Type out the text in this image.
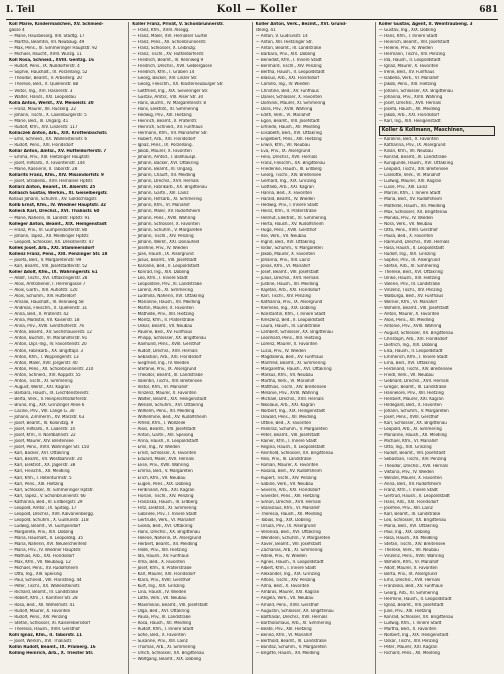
I. Teil	Koll — Koller	681
Koll Marie, Kindermädchen, XV. Schmied-
gasse 4
— Marie, Hausbesorg. XIII. Stadtg. 17
— Martha, Beamtin, VII. Neubaug. 49
— Max, Pens., XI. Simmeringer Hauptstr. 92
— Michael, Rauchf., XVIII. Wurzg. 11
Koll Rosa, Schneid., XVIII. Gentzg. 16
— Rudolf, Pens., IX. Nußdorferstr. 4
— Sophie, Haushalt., IX. Porzellang. 52
— Theodor, Beamt., V. Arbeiterg. 20
— Therese, Bed., X. Quellenstr. 88
— Viktor, Ing., XVI. Hasnerstr. 3
— Walter, Handl., XXI. Leopoldau
Kolla Anton, Werkf., XV. Meiselstr. 30
— Franz, Maurer, XII. Ruckerg. 22
— Johann, Tischl., X. Laxenburgerstr. 5
— Marie, Bed., III. Ungarg. 41
— Rudolf, Kfm., XIV. Linzerstr. 117
Kollaczek Anton, Arb., XIX. Krottenbachstr.
— Emil, Schneid., XX. Wallensteinstr. 6
— Rudolf, Pens., XXI. Floridsdorf
Kollar Anton, Amtsr., XV. Hütteldorferstr. 7
— Emma, Priv., XIII. Hietzinger Hauptstr.
— Josef, Hilfsarb., X. Favoritenstr. 144
— Marie, Kassierin, II. Taborstr. 28
Kollarits Franz, Kfm., XIV. Missindorfstr. 9
— Josef, Straßenb., XVII. Hernalser Hptstr.
Kollarz Anton, Beamt., IX. Alserstr. 25
Kollasch Gustav, Werkm., XI. Geiselbergstr.
Kollaus Johann, Schuhm., XV. Goldschlagstr.
Kollb Ernst, Kfm., IV. Wiedner Hauptstr. 32
Kolleck Karl, Drechsl., XVI. Thaliastr. 60
— Marie, Näherin, III. Landstr. Hptstr. 91
Kolleger Anton, Beamt., XIX. Heiligenstadt
— Franz, Priv., VI. Gumpendorferstr. 80
— Johann, Tapez., XII. Meidlinger Hptstr.
— Leopold, Schlosser, XX. Dresdnerstr. 47
Kollek Josef, Arb., XXI. Stammersdorf
Kollenz Franz, Pens., XIII. Penzinger Str. 18
— Josefa, Bed., V. Margaretenstr. 99
— Karl, Beamt., VIII. Josefstädterstr. 52
Koller Adolf, Kfm., IX. Währingerstr. 61
— Adolf, Tischl., XVI. Ottakringerstr. 28
— Alois, Amtsdiener, I. Herrengasse 7
— Alois, Gärtn., XIII. Auhofstr. 120
— Alois, Schuhm., XIV. Hütteldorf
— Amalie, Haushalt., III. Rennweg 58
— Andreas, Fleischh., X. Quellenstr. 31
— Anna, Bed., II. Praterstr. 42
— Anna, Modistin, VII. Kaiserstr. 18
— Anna, Priv., XVIII. Gersthoferstr. 76
— Anton, Beamt., XV. Sechshauserstr. 12
— Anton, Buchdr., VI. Mariahilferstr. 91
— Anton, Dipl.-Ing., IV. Favoritenstr. 20
— Anton, Fabrikarb., XX. Brigittapl. 3
— Anton, Kfm., I. Wipplingerstr. 13
— Anton, Maler, XVII. Jörgerstr. 40
— Anton, Pens., XII. Schönbrunnerstr. 210
— Anton, Schneid., XVI. Koppstr. 55
— Anton, Tischl., XI. Simmering
— August, Werkf., XXI. Kagran
— Barbara, Haush., IX. Liechtensteinstr.
— Berta, Verk., V. Reinprechtsdorferstr.
— Bruno, Ing., XIX. Grinzinger Allee 6
— Cäcilie, Priv., VIII. Lange G. 30
— Johann, Zimmerm., XV. Märzstr. 63
— Josef, Beamt., III. Kolonitzg. 9
— Josef, Hilfsarb., X. Laaerstr. 14
— Josef, Kfm., II. Nordbahnstr. 22
— Josef, Maurer, XIV. Breitensee
— Josef, Pens., XVIII. Währinger Str. 150
— Karl, Bäcker, XVI. Ottakring
— Karl, Beamt., VII. Westbahnstr. 20
— Karl, Elektrot., XX. Jägerstr. 38
— Karl, Fleischh., XII. Meidling
— Karl, Kfm., I. Rotenturmstr. 5
— Karl, Pens., XIII. Hietzing
— Karl, Schlosser, XI. Simmeringer Hptstr.
— Karl, Tapez., V. Schönbrunnerstr. 66
— Katharina, Bed., III. Erdbergstr. 29
— Leopold, Amtsr., IX. Spitalg. 17
— Leopold, Drechsl., XVII. Kalvarienbergg.
— Leopold, Schuhm., X. Gudrunstr. 118
— Ludwig, Beamt., VI. Gumpendorf
— Margarete, Priv., XIX. Döbling
— Maria, Haushalt., II. Leopoldsg. 35
— Maria, Näherin, XVI. Neulerchenfeld
— Maria, Priv., IV. Wiedner Hauptstr.
— Mathias, Arb., XXI. Floridsdorf
— Max, Kfm., VII. Neubaug. 12
— Michael, Pens., XV. Rudolfsheim
— Otto, Ing., XIII. Speising
— Paul, Schneid., VIII. Piaristeng. 44
— Peter, Tischl., XX. Wallensteinstr.
— Richard, Beamt., III. Landstraße
— Robert, Kfm., I. Kärntner Str. 28
— Rosa, Bed., XII. Wilhelmstr. 41
— Rudolf, Maurer, X. Favoriten
— Rudolf, Pens., XIV. Penzing
— Stefan, Schlosser, XI. Kaiserebersdorf
— Theresia, Haush., XVIII. Gersthof
Kolli Ignaz, Kfm., II. Taborstr. 11
— Josef, Werkm., XVI. Thaliastr.
Kollin Rudolf, Beamt., IX. Pramerg. 16
Kolling Heinrich, Arb., X. Triester Str.
Koller Franz, Privat, V. Schönbrunnerstr.
— Franz, Kfm., XVIII. Alsegg.
— Franz, Maler, XVI. Hernalser Gürtel
— Franz, Pens., XII. Schönbrunnerstr.
— Franz, Schlosser, X. Leibnizg.
— Franz, Tischl., XV. Hütteldorferstr.
— Friedrich, Beamt., III. Rennweg 9
— Friedrich, Drechsl., XVII. Geblergasse
— Friedrich, Kfm., I. Graben 14
— Georg, Bäcker, XIV. Linzer Str.
— Georg, Fleischh., XX. Klosterneuburger Str.
— Gottfried, Ing., XIX. Sieveringer Str.
— Gustav, Amtsr., VIII. Alser Str. 30
— Hans, Buchh., IV. Margaretenstr. 8
— Hans, Elektrot., XI. Simmering
— Hedwig, Priv., XIII. Hietzing
— Heinrich, Beamt., II. Praterstr.
— Heinrich, Schneid., XV. Fünfhaus
— Hermann, Kfm., VII. Mariahilfer Str.
— Hubert, Arb., XXI. Floridsdorf
— Ignaz, Pens., IX. Porzellang.
— Jakob, Maurer, X. Favoriten
— Johann, Amtsd., I. Ballhauspl.
— Johann, Bäcker, XVI. Ottakring
— Johann, Beamt., III. Ungarg.
— Johann, Chauff., XII. Meidling
— Johann, Drechsl., XVII. Hernals
— Johann, Fabrikarb., XX. Brigittenau
— Johann, Gärtn., XIII. Lainz
— Johann, Hilfsarb., XI. Simmering
— Johann, Kfm., VI. Mariahilf
— Johann, Maler, XV. Rudolfsheim
— Johann, Pens., XVIII. Währing
— Johann, Schlosser, X. Favoriten
— Johann, Schuhm., V. Margareten
— Johann, Tischl., XIV. Penzing
— Johann, Werkf., XXI. Donaufeld
— Josefine, Priv., IV. Wieden
— Julie, Haush., IX. Alsergrund
— Julius, Beamt., VIII. Josefstadt
— Karoline, Bed., II. Leopoldstadt
— Konrad, Ing., XIX. Döbling
— Leo, Kfm., I. Innere Stadt
— Leopoldine, Priv., III. Landstraße
— Lorenz, Arb., XI. Simmering
— Ludmilla, Näherin, XVI. Ottakring
— Marianne, Haush., XII. Meidling
— Martin, Maurer, X. Favoriten
— Mathilde, Priv., XIII. Hietzing
— Moritz, Kfm., II. Praterstraße
— Oskar, Beamt., VII. Neubau
— Pauline, Bed., XV. Fünfhaus
— Philipp, Schlosser, XX. Brigittenau
— Raimund, Pens., XVIII. Gersthof
— Rudolf, Drechsl., XVII. Hernals
— Sebastian, Arb., XXI. Floridsdorf
— Siegfried, Ing., IV. Wieden
— Stefanie, Priv., IX. Alsergrund
— Theodor, Beamt., III. Landstraße
— Valentin, Tischl., XIV. Breitensee
— Viktor, Kfm., VI. Mariahilf
— Vinzenz, Maurer, X. Favoriten
— Walter, Beamt., XIX. Heiligenstadt
— Wenzel, Schuhm., XVI. Ottakring
— Wilhelm, Pens., XII. Meidling
— Wilhelmine, Bed., XV. Rudolfsheim
— Alfred, Kfm., I. Wollzeile
— Alois, Beamt., VIII. Josefstadt
— Anton, Gärtn., XIII. Speising
— Anna, Haush., II. Leopoldstadt
— Emil, Ing., IV. Wieden
— Ernst, Schlosser, X. Favoriten
— Eduard, Maler, XVII. Hernals
— Elise, Priv., XVIII. Währing
— Emma, Bed., V. Margareten
— Erich, Kfm., VII. Neubau
— Eugen, Pens., XIX. Döbling
— Ferdinand, Arb., XXI. Kagran
— Florian, Tischl., XIV. Penzing
— Franziska, Haush., III. Erdberg
— Fritz, Elektrot., XI. Simmering
— Gabriele, Priv., I. Innere Stadt
— Gertrude, Verk., VI. Mariahilf
— Gisela, Bed., XVI. Ottakring
— Hans, Drechsl., XX. Brigittenau
— Helene, Näherin, IX. Alsergrund
— Herbert, Beamt., XII. Meidling
— Hilde, Priv., XIII. Hietzing
— Ida, Haush., XV. Fünfhaus
— Irma, Bed., X. Favoriten
— Josef, Kfm., II. Praterstraße
— Karl, Maurer, XXI. Floridsdorf
— Klara, Priv., XVIII. Gersthof
— Kurt, Ing., XIX. Grinzing
— Lina, Haush., IV. Wieden
— Lotte, Verk., VII. Neubau
— Maximilian, Beamt., VIII. Josefstadt
— Olga, Bed., XVI. Ottakring
— Paula, Priv., III. Landstraße
— Rosa, Haush., XII. Meidling
— Rudolf, Kfm., I. Innere Stadt
— Sofie, Bed., X. Favoriten
— Susanne, Priv., XIII. Lainz
— Thomas, Arb., XI. Simmering
— Ulrich, Schlosser, XX. Brigittenau
— Wolfgang, Beamt., XIX. Döbling
Koller Anton, Verk., Bezmt., XVI. Grund-
steing. 41
— Anton, V. Gudrunstr. 14
— Anton, XIII. Hietzinger Str.
— Anton, Beamt., III. Landstraße
— Barbara, Priv., XIX. Döbling
— Benedikt, Kfm., I. Innere Stadt
— Bernhard, Tischl., XIV. Penzing
— Bertha, Haush., II. Leopoldstadt
— Blasius, Arb., XXI. Floridsdorf
— Camillo, Ing., IV. Wieden
— Christine, Bed., XV. Fünfhaus
— Daniel, Schlosser, X. Favoriten
— Dominik, Maurer, XI. Simmering
— Dora, Priv., XVIII. Währing
— Edith, Verk., VI. Mariahilf
— Egon, Beamt., VIII. Josefstadt
— Elfriede, Haush., XII. Meidling
— Elisabeth, Bed., XVI. Ottakring
— Engelbert, Pens., XIII. Hietzing
— Erwin, Kfm., VII. Neubau
— Eva, Priv., IX. Alsergrund
— Felix, Drechsl., XVII. Hernals
— Franz, Fleischh., XX. Brigittenau
— Friederike, Haush., III. Erdberg
— Georg, Tischl., XIV. Breitensee
— Gerhard, Ing., XIX. Grinzing
— Gottlieb, Arb., XXI. Kagran
— Hanna, Bed., X. Favoriten
— Harald, Beamt., IV. Wieden
— Hedwig, Priv., I. Innere Stadt
— Heinz, Kfm., II. Praterstraße
— Helmut, Elektrot., XI. Simmering
— Herta, Haush., XV. Rudolfsheim
— Hugo, Pens., XVIII. Gersthof
— Ilse, Verk., VII. Neubau
— Ingrid, Bed., XVI. Ottakring
— Isidor, Schuhm., V. Margareten
— Jakob, Maurer, X. Favoriten
— Johanna, Priv., XIII. Lainz
— Jonas, Kfm., VI. Mariahilf
— Josef, Beamt., VIII. Josefstadt
— Julius, Drechsl., XVII. Hernals
— Justine, Haush., XII. Meidling
— Kajetan, Arb., XXI. Floridsdorf
— Karl, Tischl., XIV. Penzing
— Katharina, Priv., IX. Alsergrund
— Klemens, Ing., XIX. Döbling
— Konstantin, Kfm., I. Innere Stadt
— Kreszenz, Bed., II. Leopoldstadt
— Laura, Haush., III. Landstraße
— Lambert, Schlosser, XX. Brigittenau
— Leonhard, Pens., XIII. Hietzing
— Lorenz, Maurer, X. Favoriten
— Lucia, Priv., IV. Wieden
— Magdalena, Bed., XV. Fünfhaus
— Manfred, Beamt., XI. Simmering
— Margarethe, Haush., XVI. Ottakring
— Markus, Kfm., VII. Neubau
— Martha, Verk., VI. Mariahilf
— Matthias, Tischl., XIV. Breitensee
— Melanie, Priv., XVIII. Währing
— Michael, Drechsl., XVII. Hernals
— Nikolaus, Arb., XXI. Kagran
— Norbert, Ing., XIX. Heiligenstadt
— Oswald, Pens., XII. Meidling
— Ottilie, Bed., X. Favoriten
— Pankraz, Schuhm., V. Margareten
— Peter, Beamt., VIII. Josefstadt
— Rainer, Kfm., I. Innere Stadt
— Regina, Haush., II. Leopoldstadt
— Reinhold, Schlosser, XX. Brigittenau
— Resi, Priv., III. Landstraße
— Roman, Maurer, X. Favoriten
— Rosalia, Bed., XV. Rudolfsheim
— Rupert, Tischl., XIV. Penzing
— Sabine, Verk., VII. Neubau
— Severin, Arb., XXI. Floridsdorf
— Silvester, Pens., XIII. Hietzing
— Simon, Drechsl., XVII. Hernals
— Stanislaus, Kfm., VI. Mariahilf
— Theresia, Haush., XII. Meidling
— Tobias, Ing., XIX. Döbling
— Ursula, Priv., IX. Alsergrund
— Veronika, Bed., XVI. Ottakring
— Wendelin, Schuhm., V. Margareten
— Xaver, Beamt., VIII. Josefstadt
— Zacharias, Arb., XI. Simmering
— Adele, Priv., IV. Wieden
— Agnes, Haush., II. Leopoldstadt
— Albert, Kfm., I. Innere Stadt
— Alexander, Ing., XIX. Grinzing
— Alfons, Tischl., XIV. Penzing
— Alma, Bed., X. Favoriten
— Ambros, Maurer, XXI. Kagran
— Angela, Verk., VII. Neubau
— Arnold, Pens., XVIII. Gersthof
— Augustin, Schlosser, XX. Brigittenau
— Balthasar, Drechsl., XVII. Hernals
— Bartholomäus, Arb., XI. Simmering
— Beate, Priv., XIII. Hietzing
— Benno, Kfm., VI. Mariahilf
— Berthold, Beamt., III. Landstraße
— Bonifaz, Schuhm., V. Margareten
— Brigitte, Haush., XII. Meidling
Koller Gustav, Agent, II. Weintraubeng. 3
— Gustav, Ing., XIX. Döbling
— Hans, Kfm., I. Innere Stadt
— Heinrich, Beamt., VIII. Josefstadt
— Helene, Priv., IV. Wieden
— Hermann, Tischl., XIV. Penzing
— Ida, Haush., II. Leopoldstadt
— Ignaz, Maurer, X. Favoriten
— Irene, Bed., XV. Fünfhaus
— Isabella, Verk., VI. Mariahilf
— Jakob, Pens., XIII. Hietzing
— Johann, Schlosser, XX. Brigittenau
— Johanna, Priv., XVIII. Währing
— Josef, Drechsl., XVII. Hernals
— Josefa, Haush., XII. Meidling
— Jakob, Arb., XXI. Floridsdorf
— Karl, Ing., XIX. Heiligenstadt
Koller & Kollmann, Maschinen,
— Karoline, Bed., X. Favoriten
— Katharina, Priv., IX. Alsergrund
— Kilian, Kfm., VII. Neubau
— Konrad, Beamt., III. Landstraße
— Kunigunde, Haush., XVI. Ottakring
— Leopold, Tischl., XIV. Breitensee
— Liselotte, Verk., VI. Mariahilf
— Ludwig, Maurer, XXI. Kagran
— Luise, Priv., XIII. Lainz
— Marcel, Kfm., I. Innere Stadt
— Maria, Bed., XV. Rudolfsheim
— Mathilde, Haush., XII. Meidling
— Max, Schlosser, XX. Brigittenau
— Monika, Priv., IV. Wieden
— Nora, Verk., VII. Neubau
— Otto, Pens., XVIII. Gersthof
— Paula, Bed., X. Favoriten
— Raimund, Drechsl., XVII. Hernals
— Rosa, Haush., II. Leopoldstadt
— Rudolf, Ing., XIX. Grinzing
— Sophie, Priv., IX. Alsergrund
— Stefan, Arb., XI. Simmering
— Therese, Bed., XVI. Ottakring
— Ulrike, Haush., XIII. Hietzing
— Valerie, Priv., III. Landstraße
— Vinzenz, Tischl., XIV. Penzing
— Walburga, Bed., XV. Fünfhaus
— Werner, Kfm., VI. Mariahilf
— Wilhelm, Beamt., VIII. Josefstadt
— Anton, Maurer, X. Favoriten
— Alois, Pens., XII. Meidling
— Antonie, Priv., XVIII. Währing
— August, Schlosser, XX. Brigittenau
— Christoph, Arb., XXI. Floridsdorf
— Dietrich, Ing., XIX. Döbling
— Elsa, Haush., II. Leopoldstadt
— Emmerich, Kfm., I. Innere Stadt
— Erna, Bed., XVI. Ottakring
— Ferdinand, Tischl., XIV. Breitensee
— Friedl, Verk., VII. Neubau
— Gebhard, Drechsl., XVII. Hernals
— Gregor, Beamt., III. Landstraße
— Hannelore, Priv., XIII. Hietzing
— Heribert, Maurer, XXI. Kagran
— Hildegard, Bed., X. Favoriten
— Johann, Schuhm., V. Margareten
— Josef, Pens., XVIII. Gersthof
— Karl, Schlosser, XX. Brigittenau
— Leopold, Arb., XI. Simmering
— Marianne, Haush., XII. Meidling
— Michael, Kfm., VI. Mariahilf
— Otto, Ing., XIX. Grinzing
— Rudolf, Beamt., VIII. Josefstadt
— Sebastian, Tischl., XIV. Penzing
— Theodor, Drechsl., XVII. Hernals
— Viktoria, Priv., IV. Wieden
— Wenzel, Maurer, X. Favoriten
— Anna, Bed., XV. Rudolfsheim
— Franz, Kfm., I. Innere Stadt
— Gertrud, Haush., II. Leopoldstadt
— Hans, Arb., XXI. Floridsdorf
— Josefine, Priv., XIII. Lainz
— Karl, Beamt., III. Landstraße
— Leo, Schlosser, XX. Brigittenau
— Maria, Bed., XVI. Ottakring
— Paul, Ing., XIX. Döbling
— Rosa, Haush., XII. Meidling
— Stefan, Tischl., XIV. Breitensee
— Therese, Verk., VII. Neubau
— Vinzenz, Pens., XVIII. Währing
— Wilhelm, Kfm., VI. Mariahilf
— Adolf, Maurer, X. Favoriten
— Berta, Priv., IX. Alsergrund
— Emil, Drechsl., XVII. Hernals
— Franziska, Bed., XV. Fünfhaus
— Georg, Arb., XI. Simmering
— Hermine, Haush., II. Leopoldstadt
— Ignaz, Beamt., VIII. Josefstadt
— Julie, Priv., XIII. Hietzing
— Konrad, Schlosser, XX. Brigittenau
— Ludwig, Kfm., I. Innere Stadt
— Martha, Bed., X. Favoriten
— Norbert, Ing., XIX. Heiligenstadt
— Oskar, Tischl., XIV. Penzing
— Peter, Maurer, XXI. Kagran
— Richard, Pens., XII. Meidling
